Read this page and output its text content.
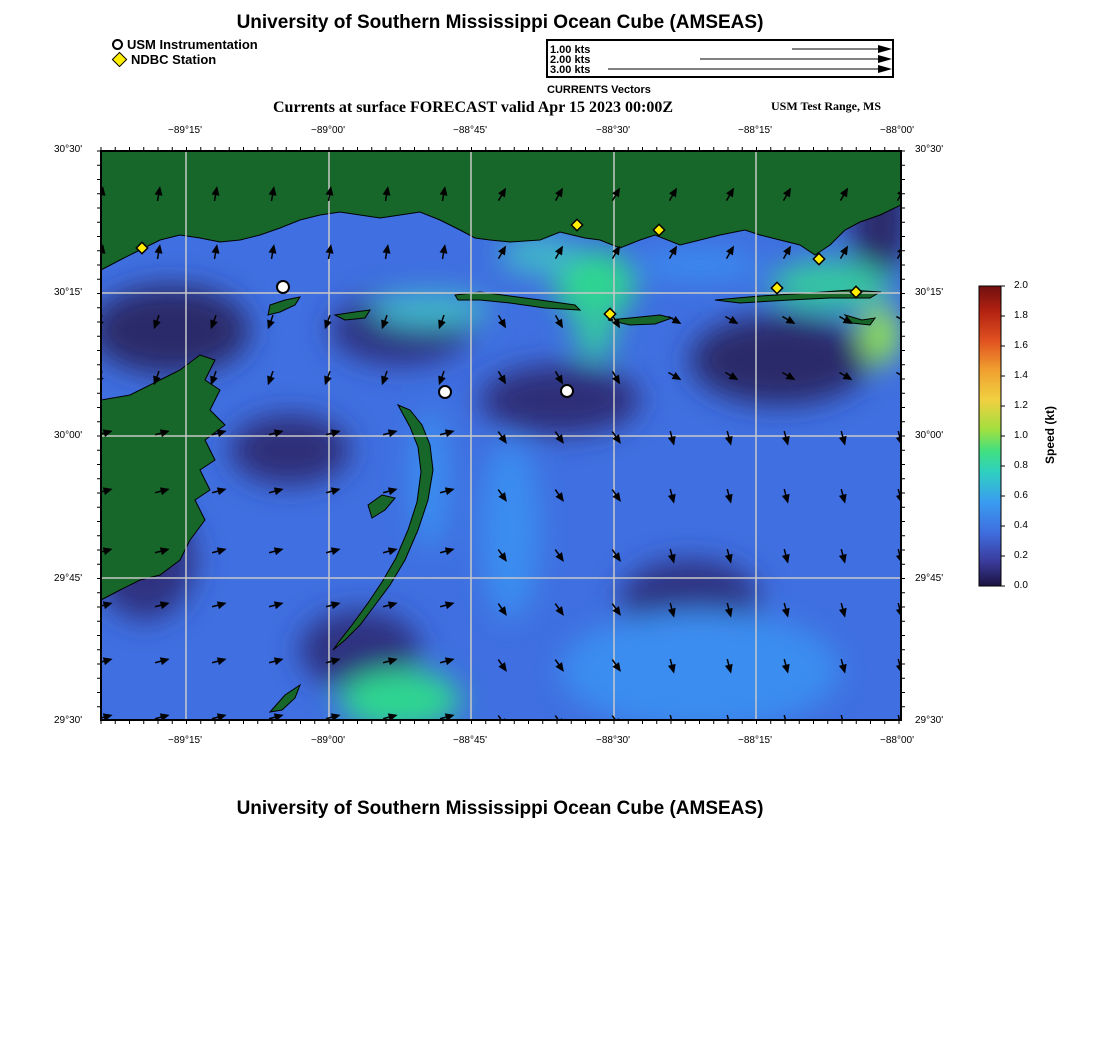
University of Southern Mississippi Ocean Cube (AMSEAS)
USM Instrumentation
NDBC Station
1.00 kts
2.00 kts
3.00 kts
CURRENTS Vectors
Currents at surface FORECAST valid Apr 15 2023 00:00Z	USM Test Range, MS
−89°15'	−89°00'	−88°45'	−88°30'	−88°15'	−88°00'
−89°15'	−89°00'	−88°45'	−88°30'	−88°15'	−88°00'
30°30'
30°15'
30°00'
29°45'
29°30'
30°30'
30°15'
30°00'
29°45'
29°30'
2.0
1.8
1.6
1.4
1.2
1.0
0.8
0.6
0.4
0.2
0.0
Speed (kt)
University of Southern Mississippi Ocean Cube (AMSEAS)
